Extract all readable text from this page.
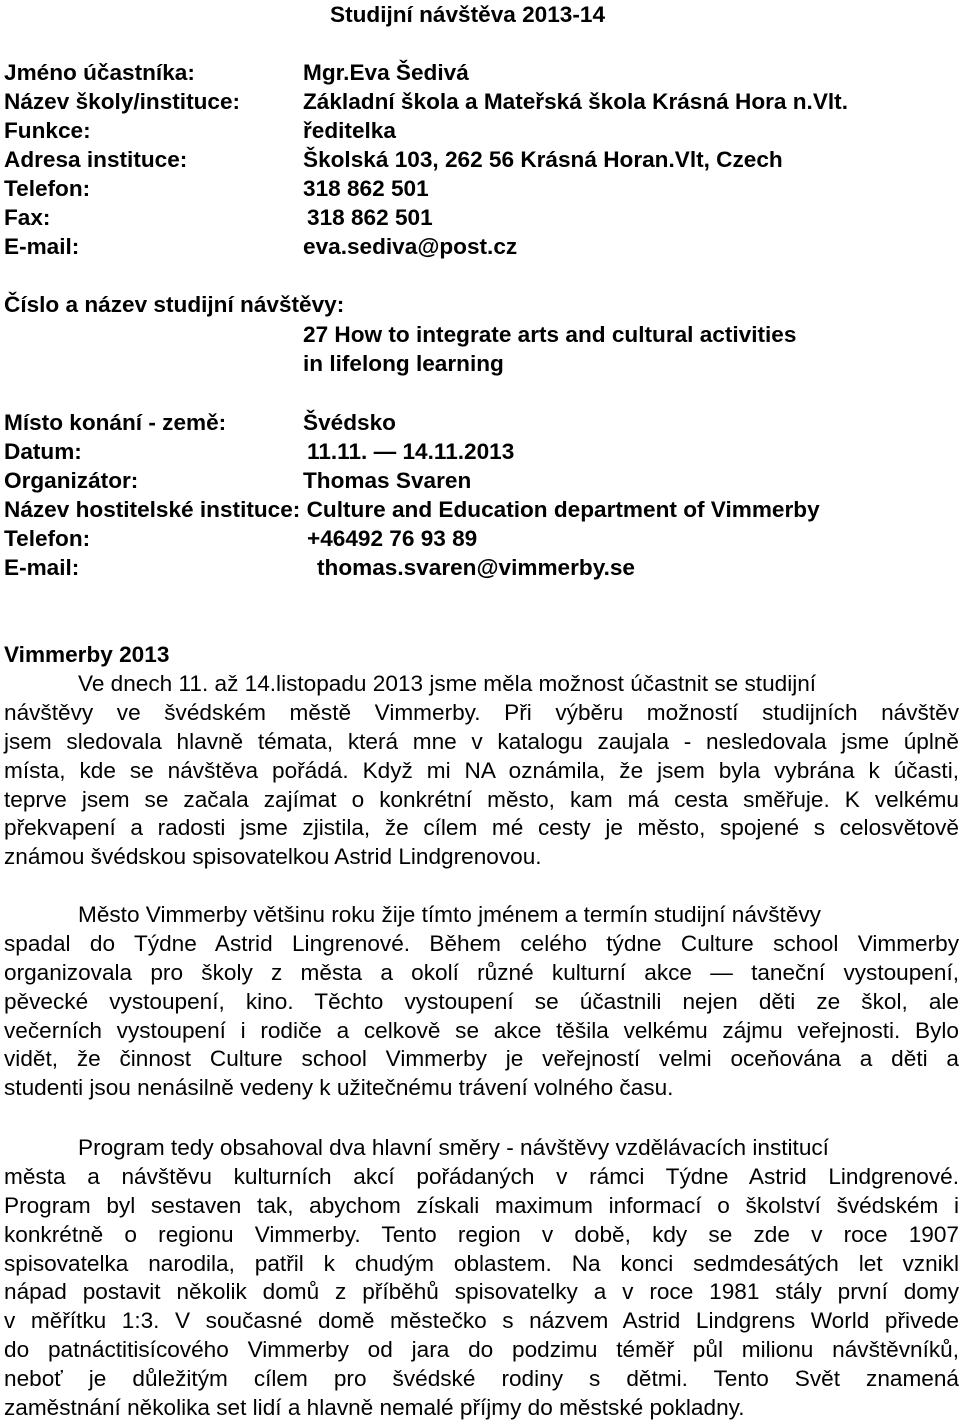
Studijní návštěva 2013-14
Jméno účastníka:	Mgr.Eva Šedivá
Název školy/instituce:	Základní škola a Mateřská škola Krásná Hora n.Vlt.
Funkce:	ředitelka
Adresa instituce:	Školská 103, 262 56 Krásná Horan.Vlt, Czech
Telefon:	318 862 501
Fax:	318 862 501
E-mail:	eva.sediva@post.cz
Číslo a název studijní návštěvy:
27 How to integrate arts and cultural activities
in lifelong learning
Místo konání - země:	Švédsko
Datum:	11.11. — 14.11.2013
Organizátor:	Thomas Svaren
Název hostitelské instituce: Culture and Education department of Vimmerby
Telefon:	+46492 76 93 89
E-mail:	thomas.svaren@vimmerby.se
Vimmerby 2013
Ve dnech 11. až 14.listopadu 2013 jsme měla možnost účastnit se studijní
návštěvy ve švédském městě Vimmerby. Při výběru možností studijních návštěv
jsem sledovala hlavně témata, která mne v katalogu zaujala - nesledovala jsme úplně
místa, kde se návštěva pořádá. Když mi NA oznámila, že jsem byla vybrána k účasti,
teprve jsem se začala zajímat o konkrétní město, kam má cesta směřuje. K velkému
překvapení a radosti jsme zjistila, že cílem mé cesty je město, spojené s celosvětově
známou švédskou spisovatelkou Astrid Lindgrenovou.
Město Vimmerby většinu roku žije tímto jménem a termín studijní návštěvy
spadal do Týdne Astrid Lingrenové. Během celého týdne Culture school Vimmerby
organizovala pro školy z města a okolí různé kulturní akce — taneční vystoupení,
pěvecké vystoupení, kino. Těchto vystoupení se účastnili nejen děti ze škol, ale
večerních vystoupení i rodiče a celkově se akce těšila velkému zájmu veřejnosti. Bylo
vidět, že činnost Culture school Vimmerby je veřejností velmi oceňována a děti a
studenti jsou nenásilně vedeny k užitečnému trávení volného času.
Program tedy obsahoval dva hlavní směry - návštěvy vzdělávacích institucí
města a návštěvu kulturních akcí pořádaných v rámci Týdne Astrid Lindgrenové.
Program byl sestaven tak, abychom získali maximum informací o školství švédském i
konkrétně o regionu Vimmerby. Tento region v době, kdy se zde v roce 1907
spisovatelka narodila, patřil k chudým oblastem. Na konci sedmdesátých let vznikl
nápad postavit několik domů z příběhů spisovatelky a v roce 1981 stály první domy
v měřítku 1:3. V současné domě městečko s názvem Astrid Lindgrens World přivede
do patnáctitisícového Vimmerby od jara do podzimu téměř půl milionu návštěvníků,
neboť je důležitým cílem pro švédské rodiny s dětmi. Tento Svět znamená
zaměstnání několika set lidí a hlavně nemalé příjmy do městské pokladny.
